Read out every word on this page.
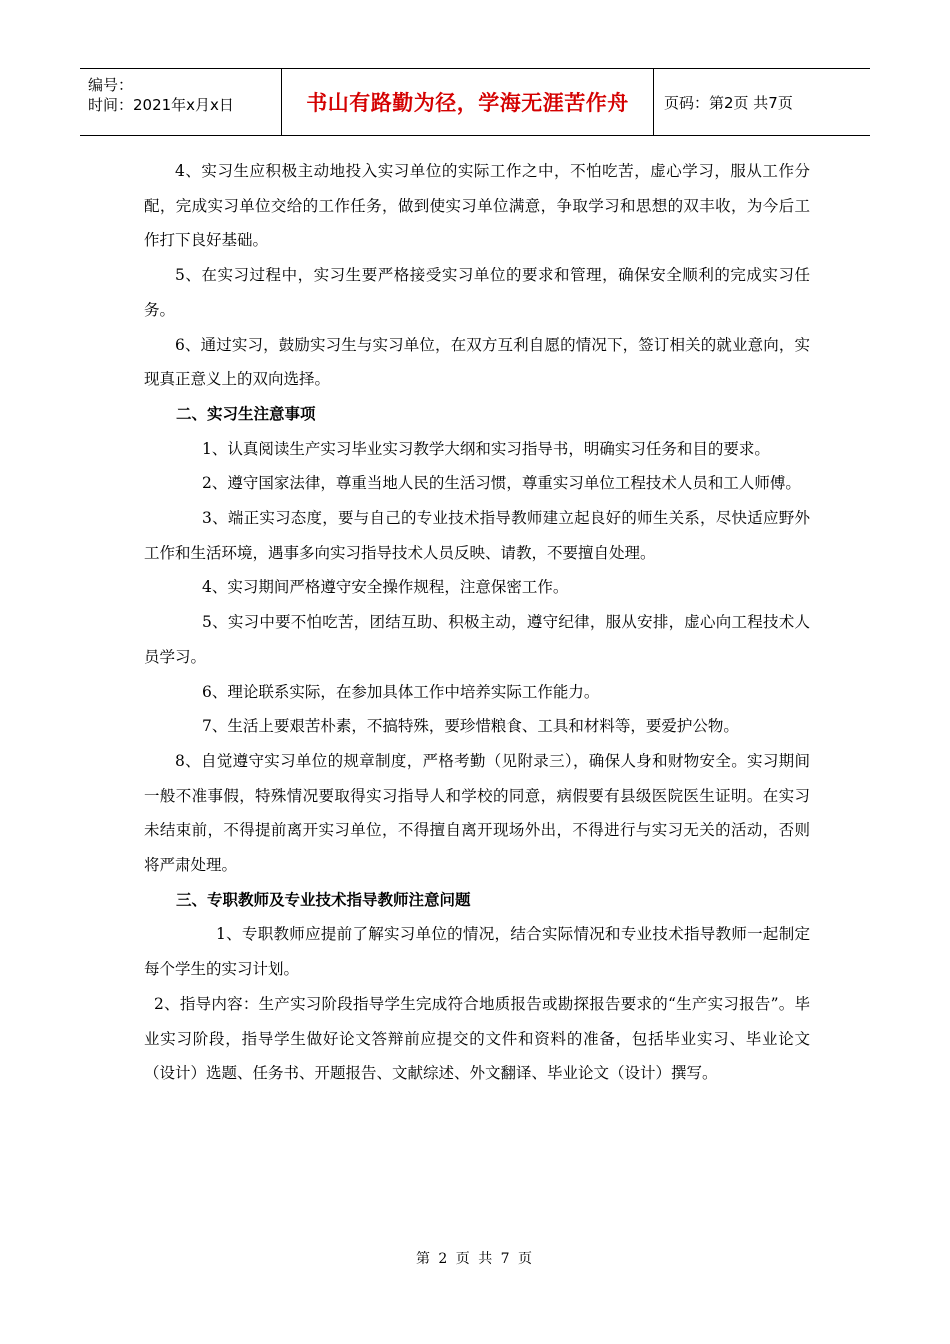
编号：
时间：2021年x月x日	书山有路勤为径，学海无涯苦作舟	页码：第2页 共7页

4、实习生应积极主动地投入实习单位的实际工作之中，不怕吃苦，虚心学习，服从工作分配，完成实习单位交给的工作任务，做到使实习单位满意，争取学习和思想的双丰收，为今后工作打下良好基础。

5、在实习过程中，实习生要严格接受实习单位的要求和管理，确保安全顺利的完成实习任务。

6、通过实习，鼓励实习生与实习单位，在双方互利自愿的情况下，签订相关的就业意向，实现真正意义上的双向选择。

二、实习生注意事项

1、认真阅读生产实习毕业实习教学大纲和实习指导书，明确实习任务和目的要求。

2、遵守国家法律，尊重当地人民的生活习惯，尊重实习单位工程技术人员和工人师傅。

3、端正实习态度，要与自己的专业技术指导教师建立起良好的师生关系，尽快适应野外工作和生活环境，遇事多向实习指导技术人员反映、请教，不要擅自处理。

4、实习期间严格遵守安全操作规程，注意保密工作。

5、实习中要不怕吃苦，团结互助、积极主动，遵守纪律，服从安排，虚心向工程技术人员学习。

6、理论联系实际，在参加具体工作中培养实际工作能力。

7、生活上要艰苦朴素，不搞特殊，要珍惜粮食、工具和材料等，要爱护公物。

8、自觉遵守实习单位的规章制度，严格考勤（见附录三），确保人身和财物安全。实习期间一般不准事假，特殊情况要取得实习指导人和学校的同意，病假要有县级医院医生证明。在实习未结束前，不得提前离开实习单位，不得擅自离开现场外出，不得进行与实习无关的活动，否则将严肃处理。

三、专职教师及专业技术指导教师注意问题

1、专职教师应提前了解实习单位的情况，结合实际情况和专业技术指导教师一起制定每个学生的实习计划。

2、指导内容：生产实习阶段指导学生完成符合地质报告或勘探报告要求的“生产实习报告”。毕业实习阶段，指导学生做好论文答辩前应提交的文件和资料的准备，包括毕业实习、毕业论文（设计）选题、任务书、开题报告、文献综述、外文翻译、毕业论文（设计）撰写。

第 2 页 共 7 页
